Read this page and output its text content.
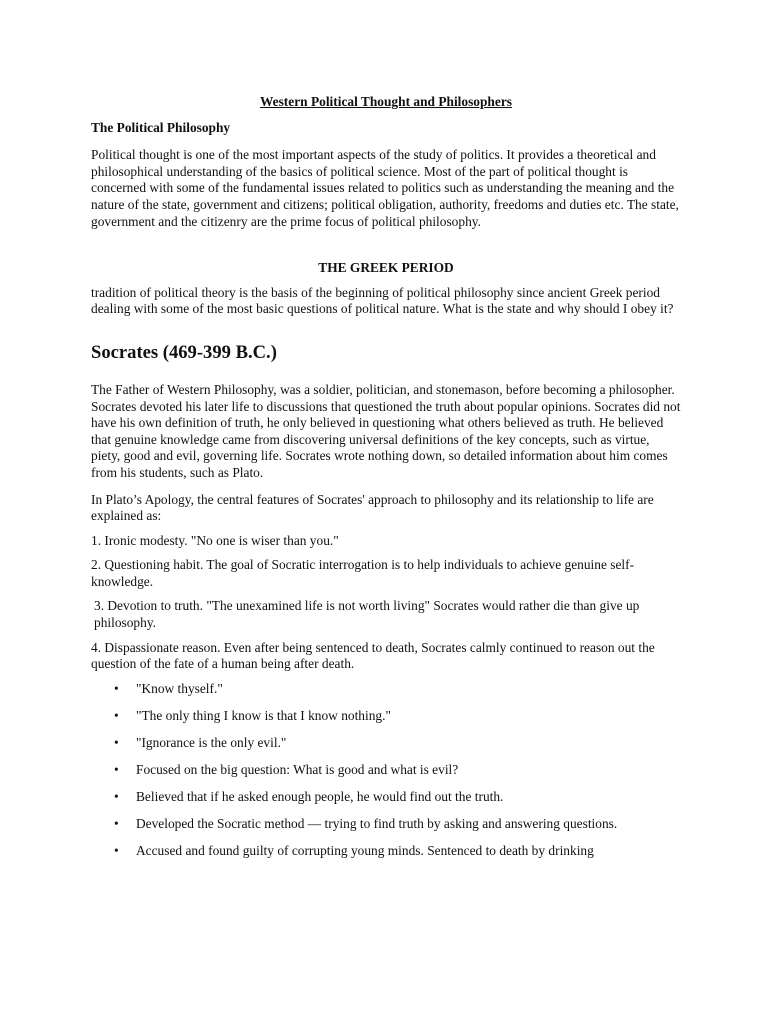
Western Political Thought and Philosophers
The Political Philosophy

Political thought is one of the most important aspects of the study of politics. It provides a theoretical and philosophical understanding of the basics of political science. Most of the part of political thought is concerned with some of the fundamental issues related to politics such as understanding the meaning and the nature of the state, government and citizens; political obligation, authority, freedoms and duties etc. The state, government and the citizenry are the prime focus of political philosophy.

THE GREEK PERIOD

tradition of political theory is the basis of the beginning of political philosophy since ancient Greek period dealing with some of the most basic questions of political nature. What is the state and why should I obey it?

Socrates (469-399 B.C.)

The Father of Western Philosophy, was a soldier, politician, and stonemason, before becoming a philosopher. Socrates devoted his later life to discussions that questioned the truth about popular opinions. Socrates did not have his own definition of truth, he only believed in questioning what others believed as truth. He believed that genuine knowledge came from discovering universal definitions of the key concepts, such as virtue, piety, good and evil, governing life. Socrates wrote nothing down, so detailed information about him comes from his students, such as Plato.

In Plato’s Apology, the central features of Socrates' approach to philosophy and its relationship to life are explained as:

1. Ironic modesty. "No one is wiser than you."
2. Questioning habit. The goal of Socratic interrogation is to help individuals to achieve genuine self-knowledge.
3. Devotion to truth. "The unexamined life is not worth living" Socrates would rather die than give up philosophy.
4. Dispassionate reason. Even after being sentenced to death, Socrates calmly continued to reason out the question of the fate of a human being after death.
• "Know thyself."
• "The only thing I know is that I know nothing."
• "Ignorance is the only evil."
• Focused on the big question: What is good and what is evil?
• Believed that if he asked enough people, he would find out the truth.
• Developed the Socratic method — trying to find truth by asking and answering questions.
• Accused and found guilty of corrupting young minds. Sentenced to death by drinking
